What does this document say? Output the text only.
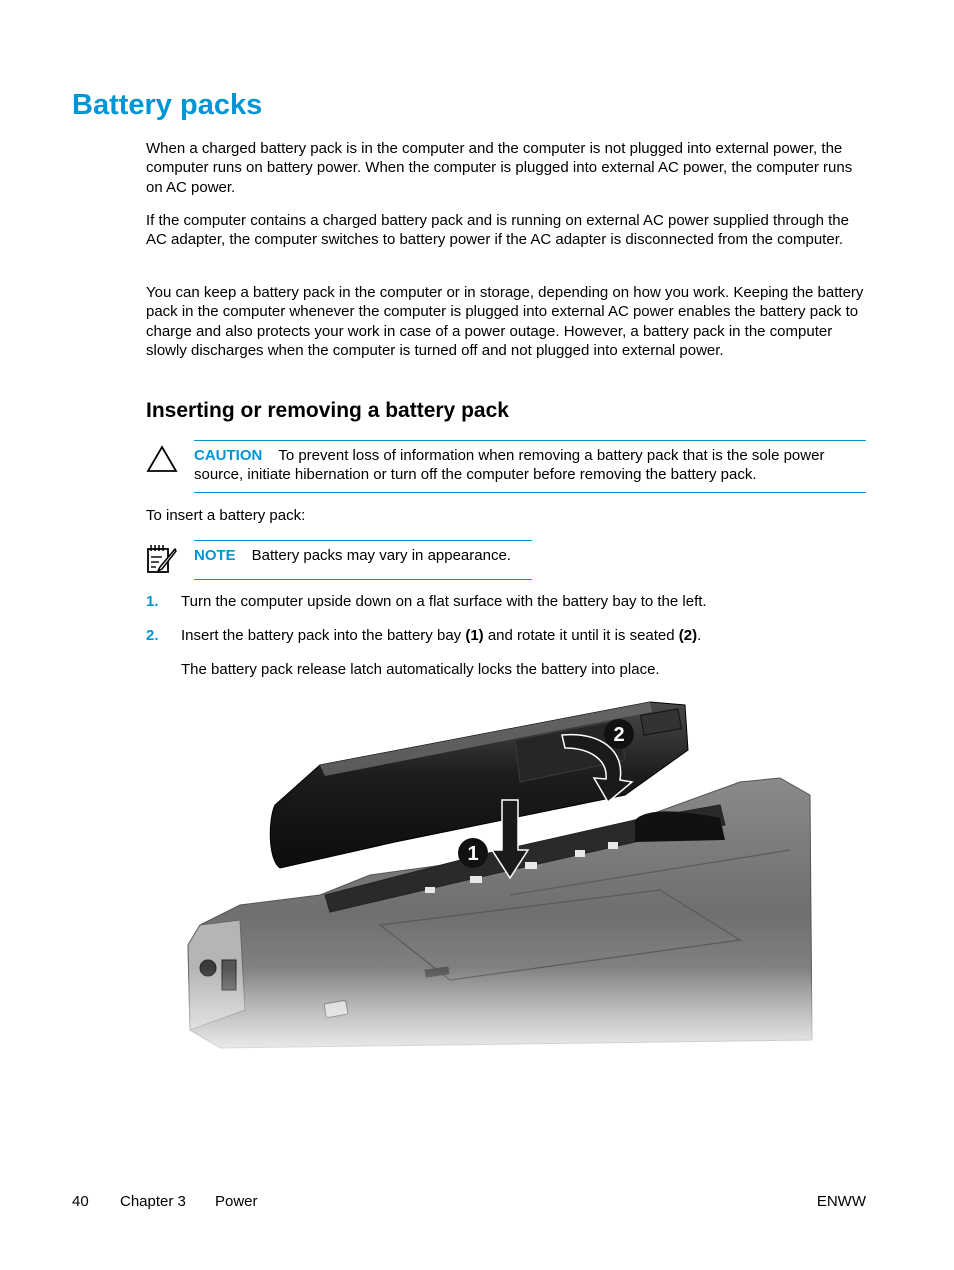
Battery packs

When a charged battery pack is in the computer and the computer is not plugged into external power, the computer runs on battery power. When the computer is plugged into external AC power, the computer runs on AC power.

If the computer contains a charged battery pack and is running on external AC power supplied through the AC adapter, the computer switches to battery power if the AC adapter is disconnected from the computer.

You can keep a battery pack in the computer or in storage, depending on how you work. Keeping the battery pack in the computer whenever the computer is plugged into external AC power enables the battery pack to charge and also protects your work in case of a power outage. However, a battery pack in the computer slowly discharges when the computer is turned off and not plugged into external power.

Inserting or removing a battery pack
CAUTION To prevent loss of information when removing a battery pack that is the sole power source, initiate hibernation or turn off the computer before removing the battery pack.

To insert a battery pack:

NOTE Battery packs may vary in appearance.
1. Turn the computer upside down on a flat surface with the battery bay to the left.
2. Insert the battery pack into the battery bay (1) and rotate it until it is seated (2).
The battery pack release latch automatically locks the battery into place.
40 Chapter 3 Power	ENWW
